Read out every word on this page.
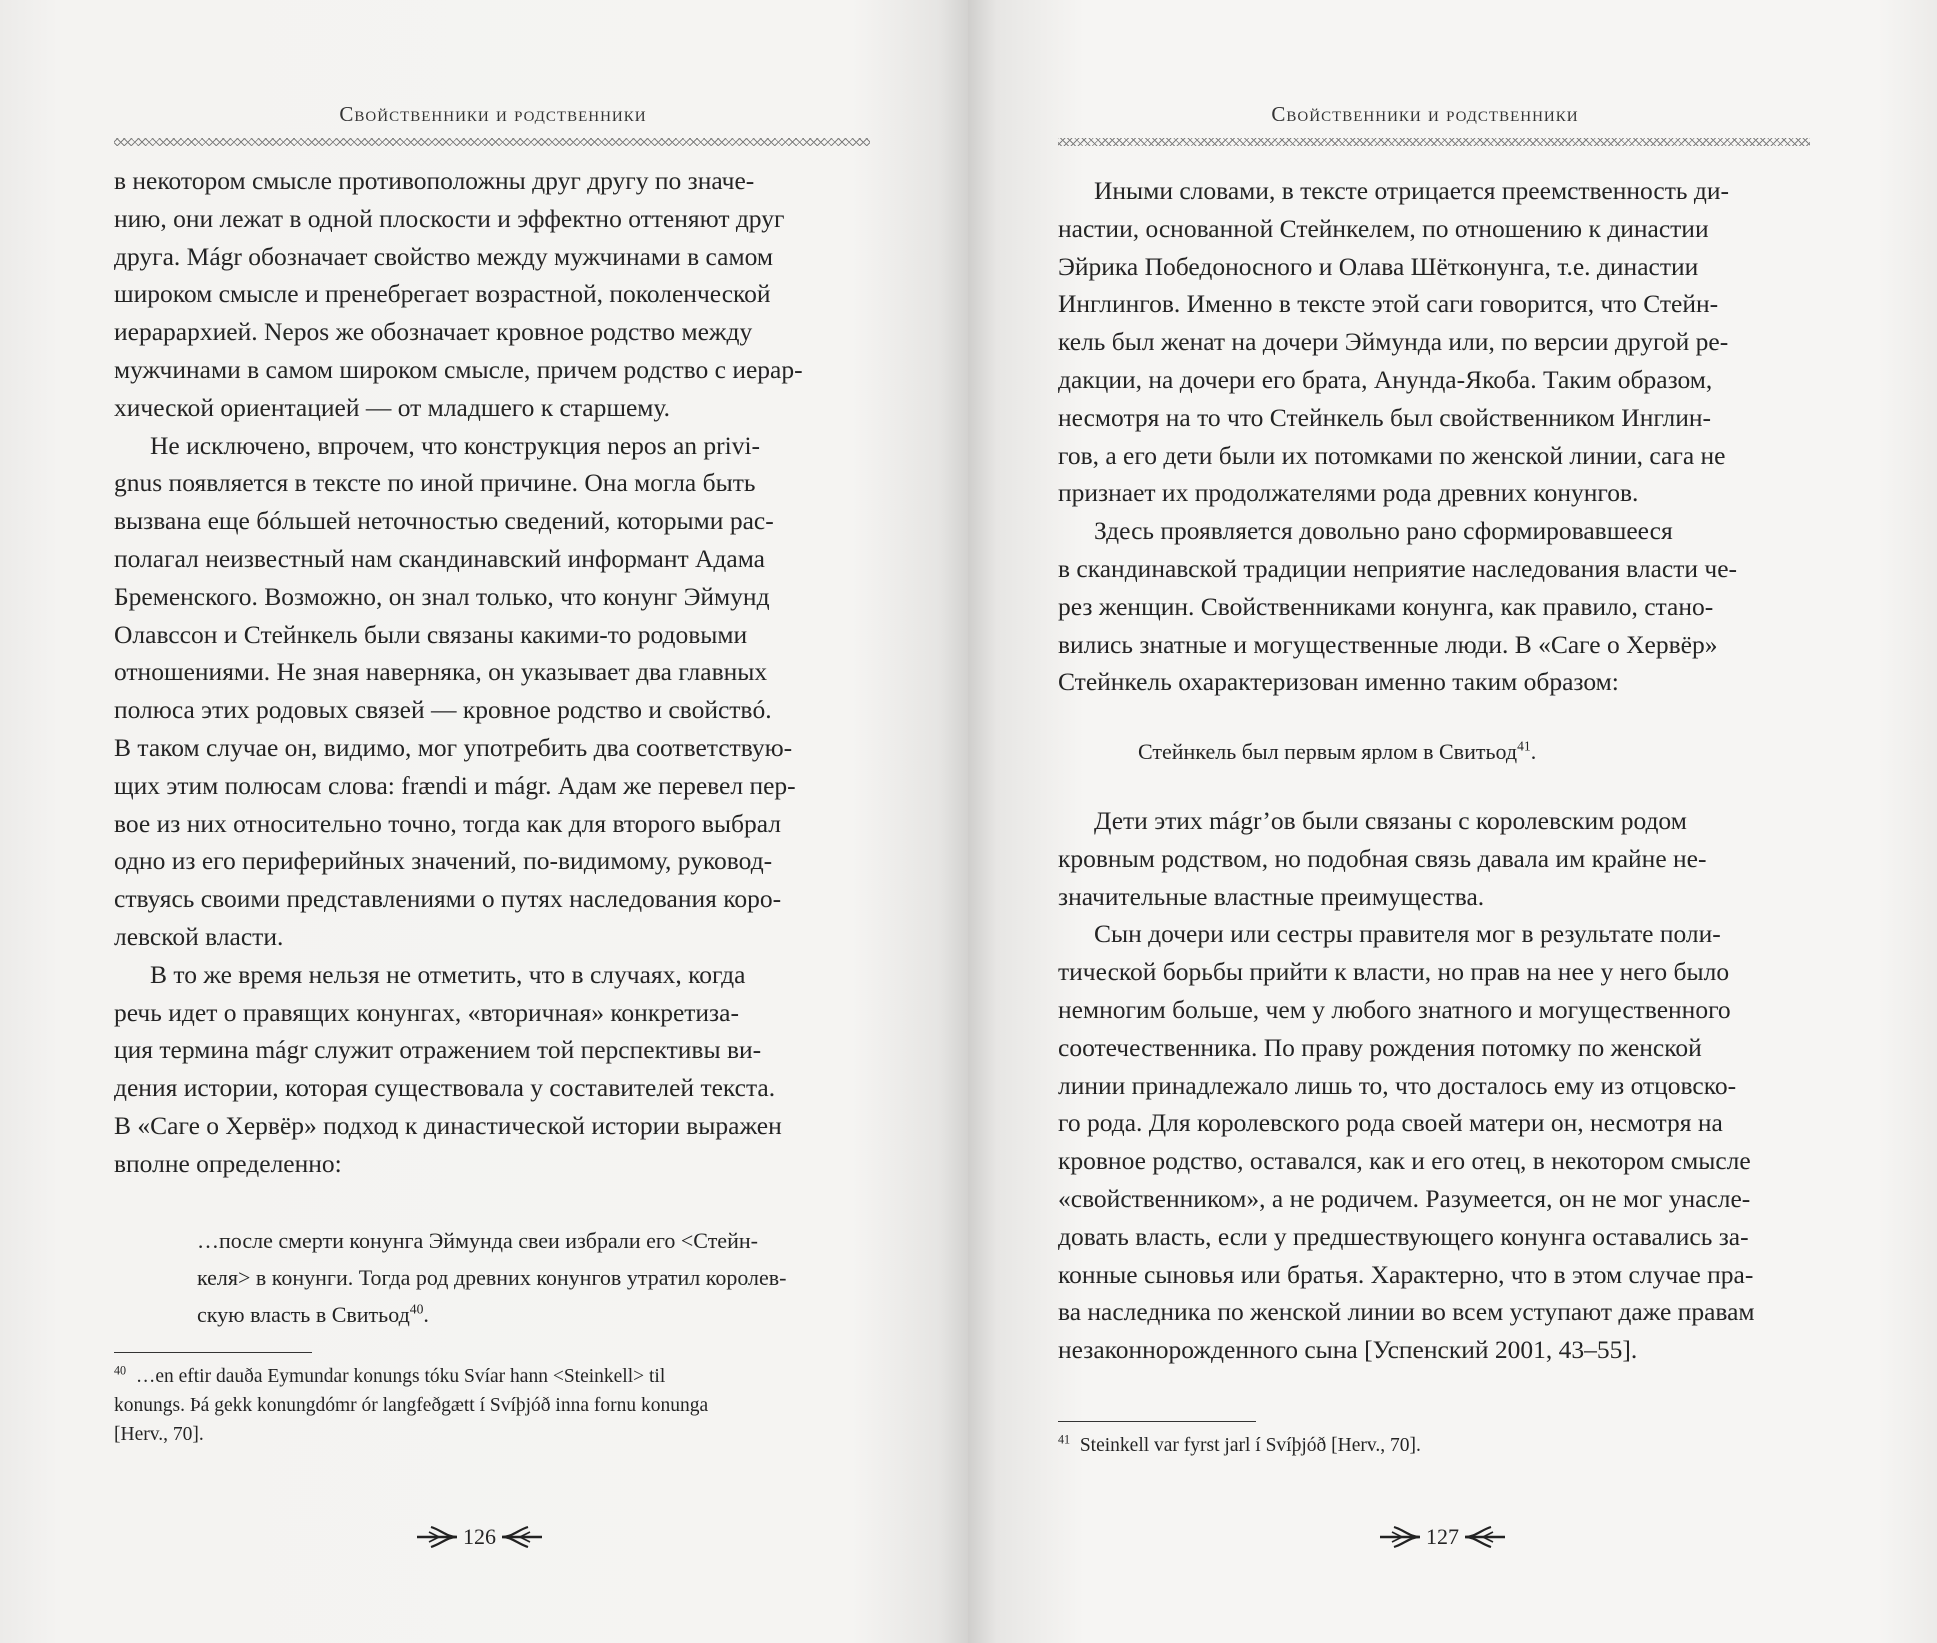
Свойственники и родственники
в некотором смысле противоположны друг другу по значе-
нию, они лежат в одной плоскости и эффектно оттеняют друг
друга. Mágr обозначает свойство между мужчинами в самом
широком смысле и пренебрегает возрастной, поколенческой
иерарархией. Nepos же обозначает кровное родство между
мужчинами в самом широком смысле, причем родство с иерар-
хической ориентацией — от младшего к старшему.
Не исключено, впрочем, что конструкция nepos an privi-
gnus появляется в тексте по иной причине. Она могла быть
вызвана еще бóльшей неточностью сведений, которыми рас-
полагал неизвестный нам скандинавский информант Адама
Бременского. Возможно, он знал только, что конунг Эймунд
Олавссон и Стейнкель были связаны какими-то родовыми
отношениями. Не зная наверняка, он указывает два главных
полюса этих родовых связей — кровное родство и свойствó.
В таком случае он, видимо, мог употребить два соответствую-
щих этим полюсам слова: frændi и mágr. Адам же перевел пер-
вое из них относительно точно, тогда как для второго выбрал
одно из его периферийных значений, по-видимому, руковод-
ствуясь своими представлениями о путях наследования коро-
левской власти.
В то же время нельзя не отметить, что в случаях, когда
речь идет о правящих конунгах, «вторичная» конкретиза-
ция термина mágr служит отражением той перспективы ви-
дения истории, которая существовала у составителей текста.
В «Саге о Хервёр» подход к династической истории выражен
вполне определенно:
…после смерти конунга Эймунда свеи избрали его <Стейн-
келя> в конунги. Тогда род древних конунгов утратил королев-
скую власть в Свитьод$^{40}$.
$^{40}$ …en eftir dauða Eymundar konungs tóku Svíar hann <Steinkell> til
konungs. Þá gekk konungdómr ór langfeðgætt í Svíþjóð inna fornu konunga
[Herv., 70].
126
Свойственники и родственники
Иными словами, в тексте отрицается преемственность ди-
настии, основанной Стейнкелем, по отношению к династии
Эйрика Победоносного и Олава Шётконунга, т.е. династии
Инглингов. Именно в тексте этой саги говорится, что Стейн-
кель был женат на дочери Эймунда или, по версии другой ре-
дакции, на дочери его брата, Анунда-Якоба. Таким образом,
несмотря на то что Стейнкель был свойственником Инглин-
гов, а его дети были их потомками по женской линии, сага не
признает их продолжателями рода древних конунгов.
Здесь проявляется довольно рано сформировавшееся
в скандинавской традиции неприятие наследования власти че-
рез женщин. Свойственниками конунга, как правило, стано-
вились знатные и могущественные люди. В «Саге о Хервёр»
Стейнкель охарактеризован именно таким образом:
Стейнкель был первым ярлом в Свитьод$^{41}$.
Дети этих mágr’ов были связаны с королевским родом
кровным родством, но подобная связь давала им крайне не-
значительные властные преимущества.
Сын дочери или сестры правителя мог в результате поли-
тической борьбы прийти к власти, но прав на нее у него было
немногим больше, чем у любого знатного и могущественного
соотечественника. По праву рождения потомку по женской
линии принадлежало лишь то, что досталось ему из отцовско-
го рода. Для королевского рода своей матери он, несмотря на
кровное родство, оставался, как и его отец, в некотором смысле
«свойственником», а не родичем. Разумеется, он не мог унасле-
довать власть, если у предшествующего конунга оставались за-
конные сыновья или братья. Характерно, что в этом случае пра-
ва наследника по женской линии во всем уступают даже правам
незаконнорожденного сына [Успенский 2001, 43–55].
$^{41}$ Steinkell var fyrst jarl í Svíþjóð [Herv., 70].
127
